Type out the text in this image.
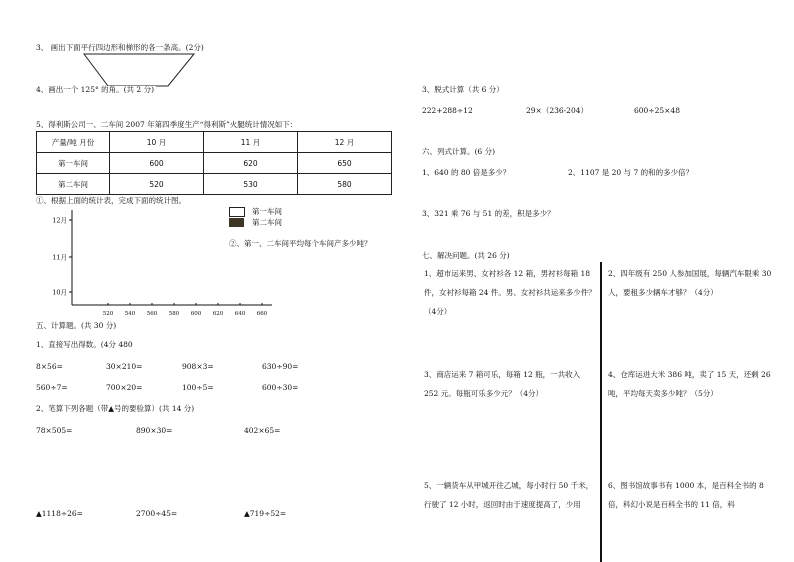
3、 画出下面平行四边形和梯形的各一条高。(2分)
4、画出一个 125° 的角。(共 2 分)
5、得利斯公司一、二车间 2007 年第四季度生产“得利斯”火腿统计情况如下：
产量/吨 月份	10 月	11 月	12 月
第一车间	600	620	650
第二车间	520	530	580
①、根据上面的统计表，完成下面的统计图。
12月
11月
10月
520 540 560 580 600 620 640 660
第一车间
第二车间
②、第一、二车间平均每个车间产多少吨？
五、计算题。(共 30 分)
1、直接写出得数。(4分 480
8×56=	30×210=	908×3=	630÷90=
560÷7=	700×20=	100÷5=	600÷30=
2、笔算下列各题（带▲号的要验算）(共 14 分)
78×505=	890×30=	402×65=
▲1118÷26=	2700÷45=	▲719÷52=
3、脱式计算（共 6 分）
222+288÷12	29×（236-204）	600÷25×48
六、列式计算。(6 分)
1、640 的 80 倍是多少？	2、1107 是 20 与 7 的和的多少倍？
3、321 乘 76 与 51 的差，积是多少？
七、解决问题。(共 26 分)
1、超市运来男、女衬衫各 12 箱，男衬衫每箱 18 件，女衬衫每箱 24 件。男、女衬衫共运来多少件？（4分）
2、四年级有 250 人参加国展，每辆汽车限乘 30 人，要租多少辆车才够？（4分）
3、商店运来 7 箱可乐，每箱 12 瓶，一共收入 252 元。每瓶可乐多少元？（4分）
4、仓库运进大米 386 吨，卖了 15 天，还剩 26 吨，平均每天卖多少吨？（5分）
5、一辆货车从甲城开往乙城，每小时行 50 千米，行驶了 12 小时，返回时由于速度提高了，少用
6、图书馆故事书有 1000 本，是百科全书的 8 倍，科幻小说是百科全书的 11 倍，科
